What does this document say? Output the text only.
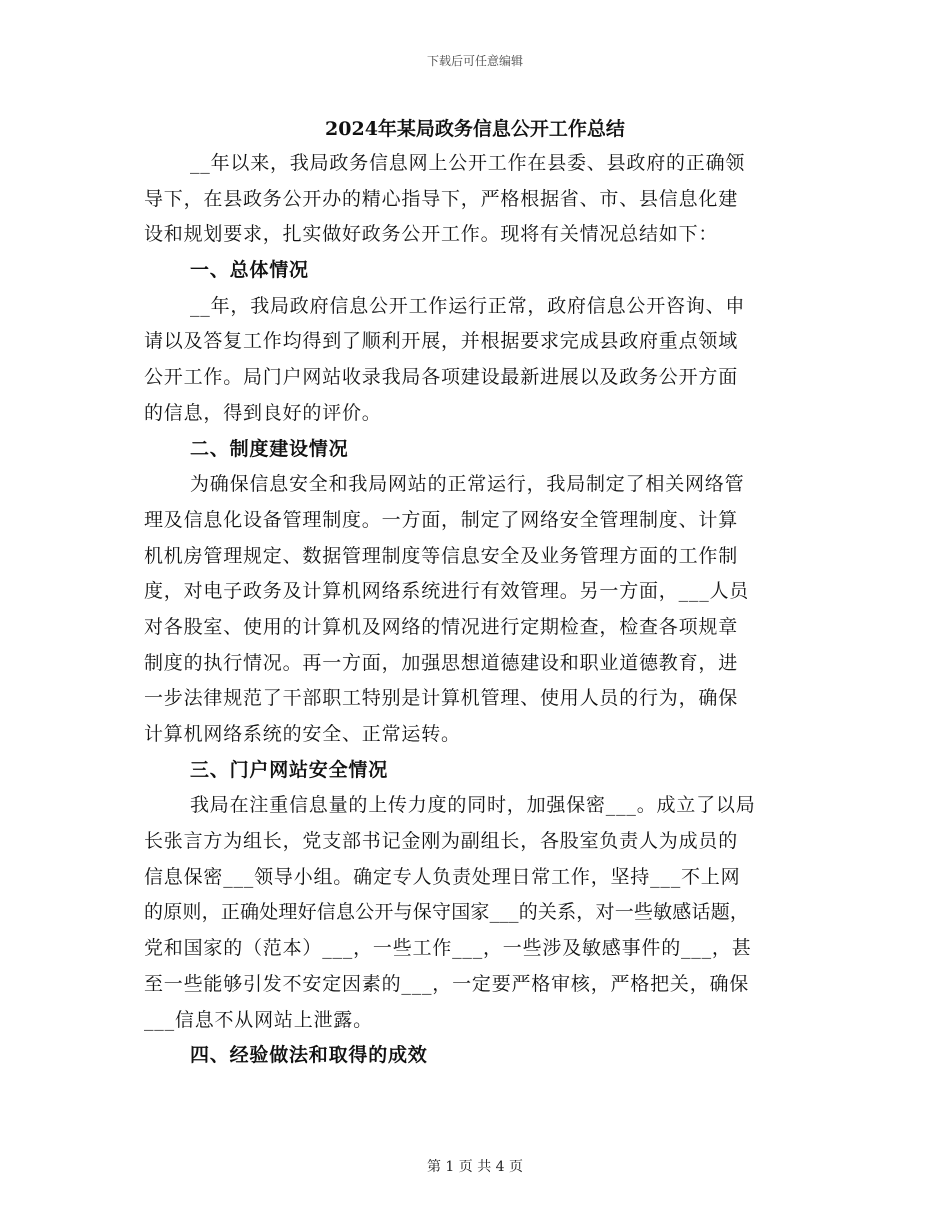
下载后可任意编辑
2024年某局政务信息公开工作总结
__年以来，我局政务信息网上公开工作在县委、县政府的正确领
导下，在县政务公开办的精心指导下，严格根据省、市、县信息化建
设和规划要求，扎实做好政务公开工作。现将有关情况总结如下：
一、总体情况
__年，我局政府信息公开工作运行正常，政府信息公开咨询、申
请以及答复工作均得到了顺利开展，并根据要求完成县政府重点领域
公开工作。局门户网站收录我局各项建设最新进展以及政务公开方面
的信息，得到良好的评价。
二、制度建设情况
为确保信息安全和我局网站的正常运行，我局制定了相关网络管
理及信息化设备管理制度。一方面，制定了网络安全管理制度、计算
机机房管理规定、数据管理制度等信息安全及业务管理方面的工作制
度，对电子政务及计算机网络系统进行有效管理。另一方面，___人员
对各股室、使用的计算机及网络的情况进行定期检查，检查各项规章
制度的执行情况。再一方面，加强思想道德建设和职业道德教育，进
一步法律规范了干部职工特别是计算机管理、使用人员的行为，确保
计算机网络系统的安全、正常运转。
三、门户网站安全情况
我局在注重信息量的上传力度的同时，加强保密___。成立了以局
长张言方为组长，党支部书记金刚为副组长，各股室负责人为成员的
信息保密___领导小组。确定专人负责处理日常工作，坚持___不上网
的原则，正确处理好信息公开与保守国家___的关系，对一些敏感话题，
党和国家的（范本）___，一些工作___，一些涉及敏感事件的___，甚
至一些能够引发不安定因素的___，一定要严格审核，严格把关，确保
___信息不从网站上泄露。
四、经验做法和取得的成效
第 1 页 共 4 页
